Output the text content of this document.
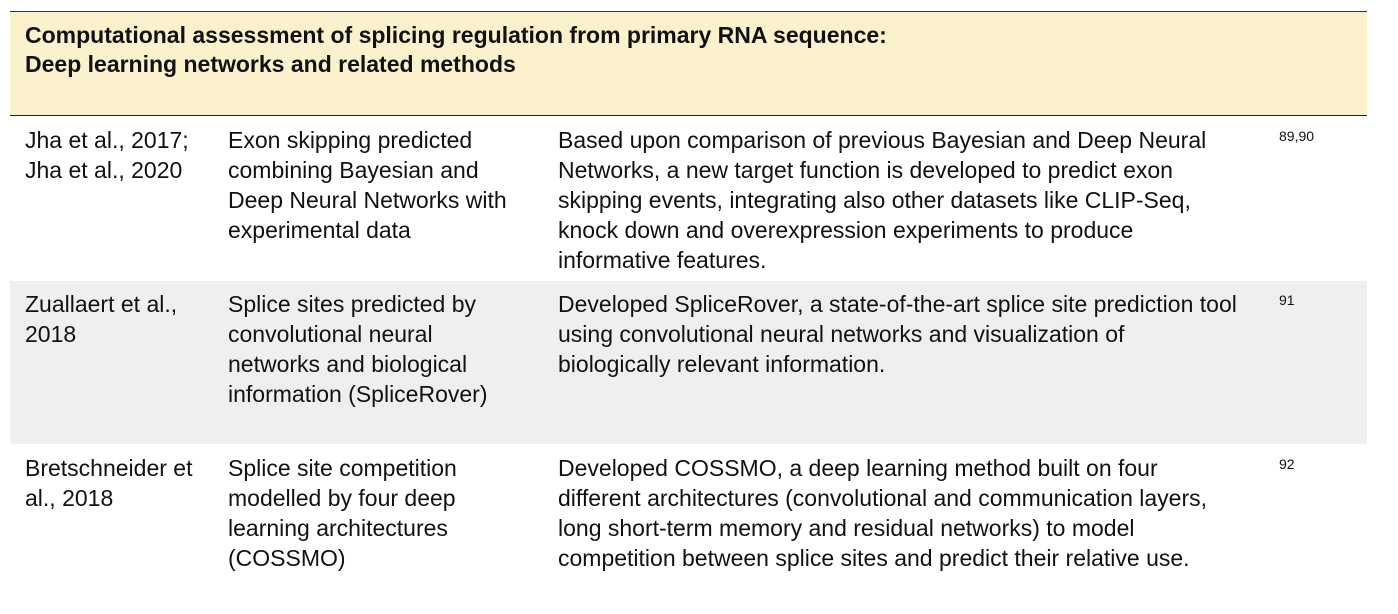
Computational assessment of splicing regulation from primary RNA sequence:
Deep learning networks and related methods
Jha et al., 2017; Jha et al., 2020
Exon skipping predicted combining Bayesian and Deep Neural Networks with experimental data
Based upon comparison of previous Bayesian and Deep Neural Networks, a new target function is developed to predict exon skipping events, integrating also other datasets like CLIP-Seq, knock down and overexpression experiments to produce informative features.
89,90
Zuallaert et al., 2018
Splice sites predicted by convolutional neural networks and biological information (SpliceRover)
Developed SpliceRover, a state-of-the-art splice site prediction tool using convolutional neural networks and visualization of biologically relevant information.
91
Bretschneider et al., 2018
Splice site competition modelled by four deep learning architectures (COSSMO)
Developed COSSMO, a deep learning method built on four different architectures (convolutional and communication layers, long short-term memory and residual networks) to model competition between splice sites and predict their relative use.
92
